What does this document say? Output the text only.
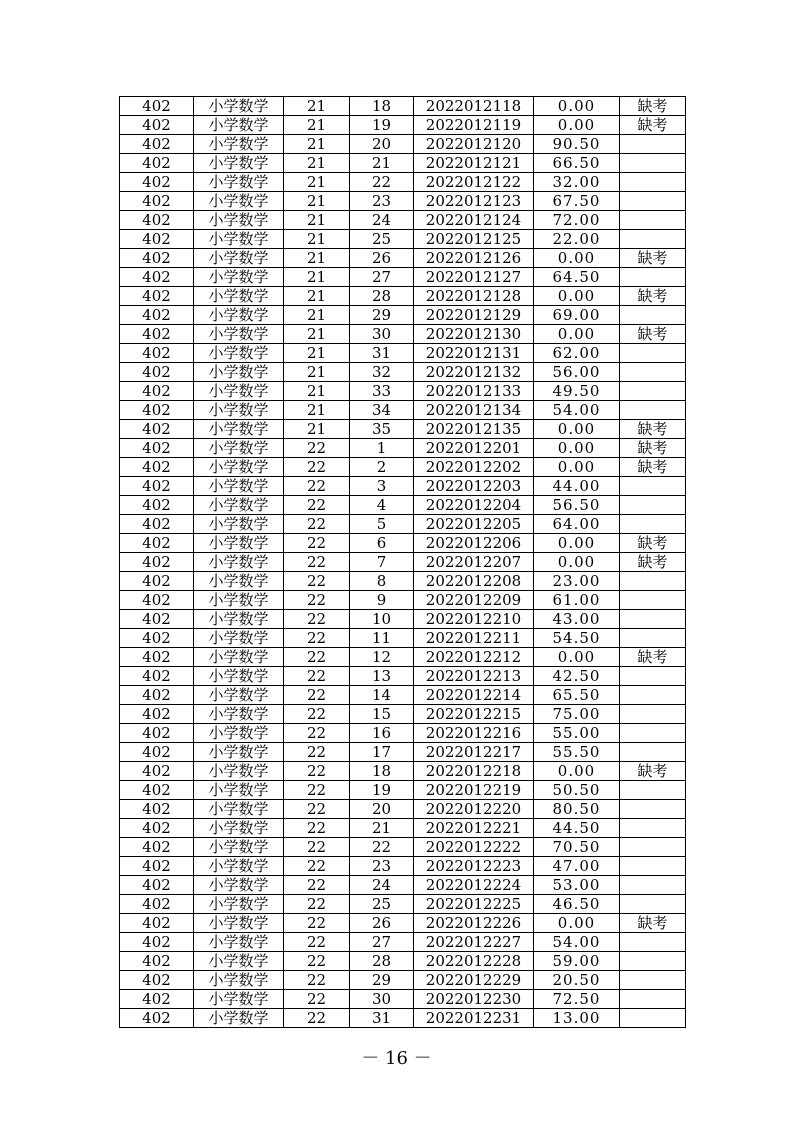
402	小学数学	21	18	2022012118	0.00	缺考
402	小学数学	21	19	2022012119	0.00	缺考
402	小学数学	21	20	2022012120	90.50	
402	小学数学	21	21	2022012121	66.50	
402	小学数学	21	22	2022012122	32.00	
402	小学数学	21	23	2022012123	67.50	
402	小学数学	21	24	2022012124	72.00	
402	小学数学	21	25	2022012125	22.00	
402	小学数学	21	26	2022012126	0.00	缺考
402	小学数学	21	27	2022012127	64.50	
402	小学数学	21	28	2022012128	0.00	缺考
402	小学数学	21	29	2022012129	69.00	
402	小学数学	21	30	2022012130	0.00	缺考
402	小学数学	21	31	2022012131	62.00	
402	小学数学	21	32	2022012132	56.00	
402	小学数学	21	33	2022012133	49.50	
402	小学数学	21	34	2022012134	54.00	
402	小学数学	21	35	2022012135	0.00	缺考
402	小学数学	22	1	2022012201	0.00	缺考
402	小学数学	22	2	2022012202	0.00	缺考
402	小学数学	22	3	2022012203	44.00	
402	小学数学	22	4	2022012204	56.50	
402	小学数学	22	5	2022012205	64.00	
402	小学数学	22	6	2022012206	0.00	缺考
402	小学数学	22	7	2022012207	0.00	缺考
402	小学数学	22	8	2022012208	23.00	
402	小学数学	22	9	2022012209	61.00	
402	小学数学	22	10	2022012210	43.00	
402	小学数学	22	11	2022012211	54.50	
402	小学数学	22	12	2022012212	0.00	缺考
402	小学数学	22	13	2022012213	42.50	
402	小学数学	22	14	2022012214	65.50	
402	小学数学	22	15	2022012215	75.00	
402	小学数学	22	16	2022012216	55.00	
402	小学数学	22	17	2022012217	55.50	
402	小学数学	22	18	2022012218	0.00	缺考
402	小学数学	22	19	2022012219	50.50	
402	小学数学	22	20	2022012220	80.50	
402	小学数学	22	21	2022012221	44.50	
402	小学数学	22	22	2022012222	70.50	
402	小学数学	22	23	2022012223	47.00	
402	小学数学	22	24	2022012224	53.00	
402	小学数学	22	25	2022012225	46.50	
402	小学数学	22	26	2022012226	0.00	缺考
402	小学数学	22	27	2022012227	54.00	
402	小学数学	22	28	2022012228	59.00	
402	小学数学	22	29	2022012229	20.50	
402	小学数学	22	30	2022012230	72.50	
402	小学数学	22	31	2022012231	13.00	
－ 16 －
